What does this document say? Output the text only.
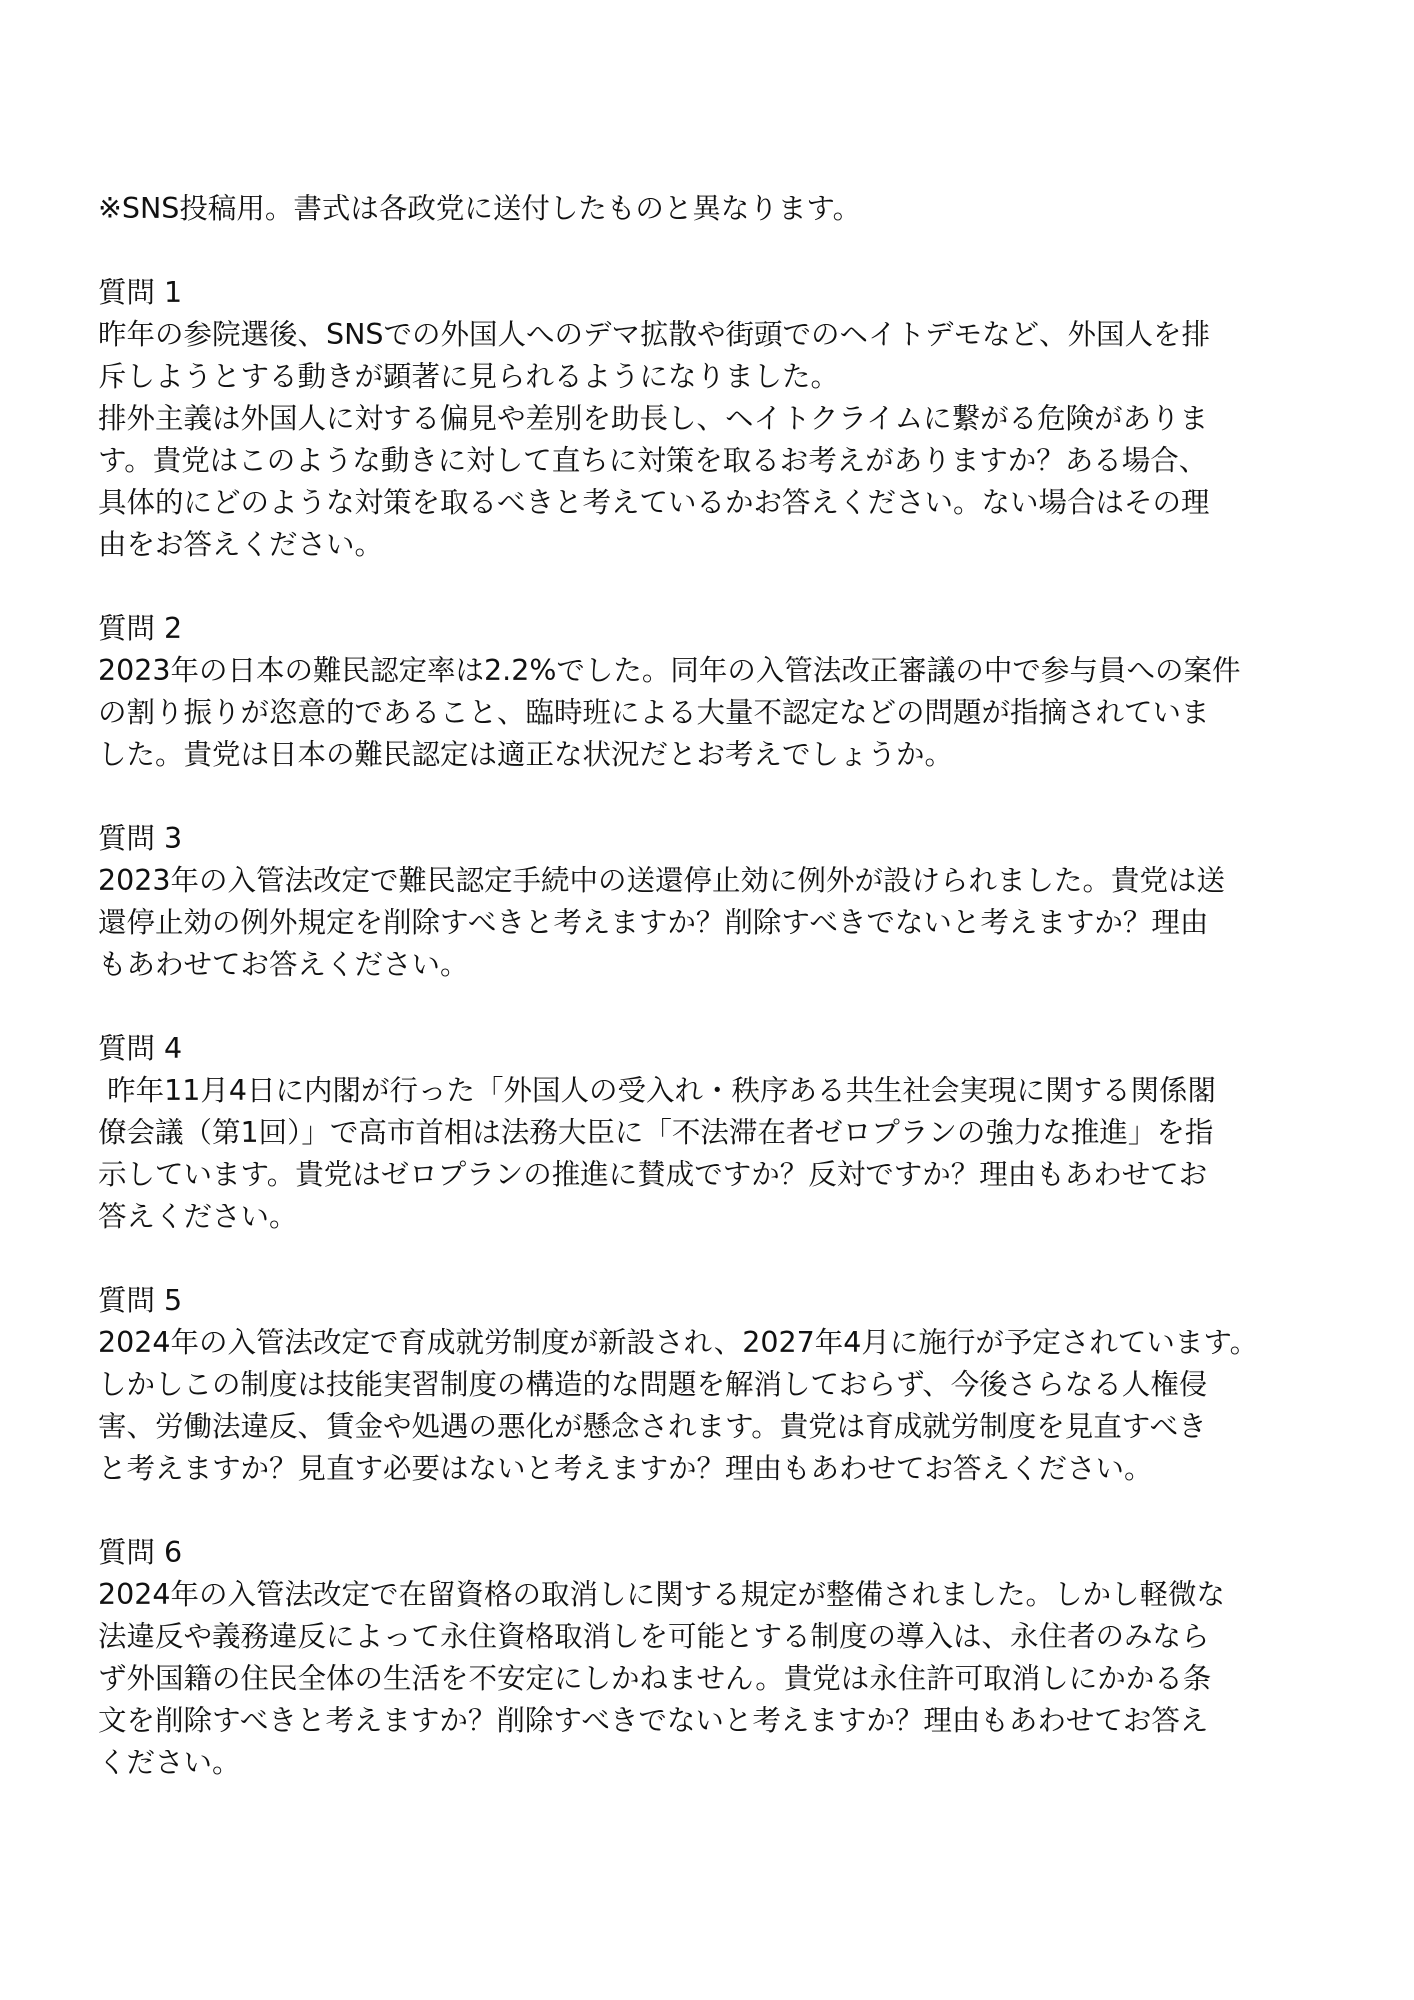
※SNS投稿用。書式は各政党に送付したものと異なります。

質問 1

昨年の参院選後、SNSでの外国人へのデマ拡散や街頭でのヘイトデモなど、外国人を排
斥しようとする動きが顕著に見られるようになりました。
排外主義は外国人に対する偏見や差別を助長し、ヘイトクライムに繋がる危険がありま
す。貴党はこのような動きに対して直ちに対策を取るお考えがありますか？ある場合、
具体的にどのような対策を取るべきと考えているかお答えください。ない場合はその理
由をお答えください。

質問 2

2023年の日本の難民認定率は2.2%でした。同年の入管法改正審議の中で参与員への案件
の割り振りが恣意的であること、臨時班による大量不認定などの問題が指摘されていま
した。貴党は日本の難民認定は適正な状況だとお考えでしょうか。

質問 3

2023年の入管法改定で難民認定手続中の送還停止効に例外が設けられました。貴党は送
還停止効の例外規定を削除すべきと考えますか？削除すべきでないと考えますか？理由
もあわせてお答えください。

質問 4

昨年11月4日に内閣が行った「外国人の受入れ・秩序ある共生社会実現に関する関係閣
僚会議（第1回）」で高市首相は法務大臣に「不法滞在者ゼロプランの強力な推進」を指
示しています。貴党はゼロプランの推進に賛成ですか？反対ですか？理由もあわせてお
答えください。

質問 5

2024年の入管法改定で育成就労制度が新設され、2027年4月に施行が予定されています。
しかしこの制度は技能実習制度の構造的な問題を解消しておらず、今後さらなる人権侵
害、労働法違反、賃金や処遇の悪化が懸念されます。貴党は育成就労制度を見直すべき
と考えますか？見直す必要はないと考えますか？理由もあわせてお答えください。

質問 6

2024年の入管法改定で在留資格の取消しに関する規定が整備されました。しかし軽微な
法違反や義務違反によって永住資格取消しを可能とする制度の導入は、永住者のみなら
ず外国籍の住民全体の生活を不安定にしかねません。貴党は永住許可取消しにかかる条
文を削除すべきと考えますか？削除すべきでないと考えますか？理由もあわせてお答え
ください。
